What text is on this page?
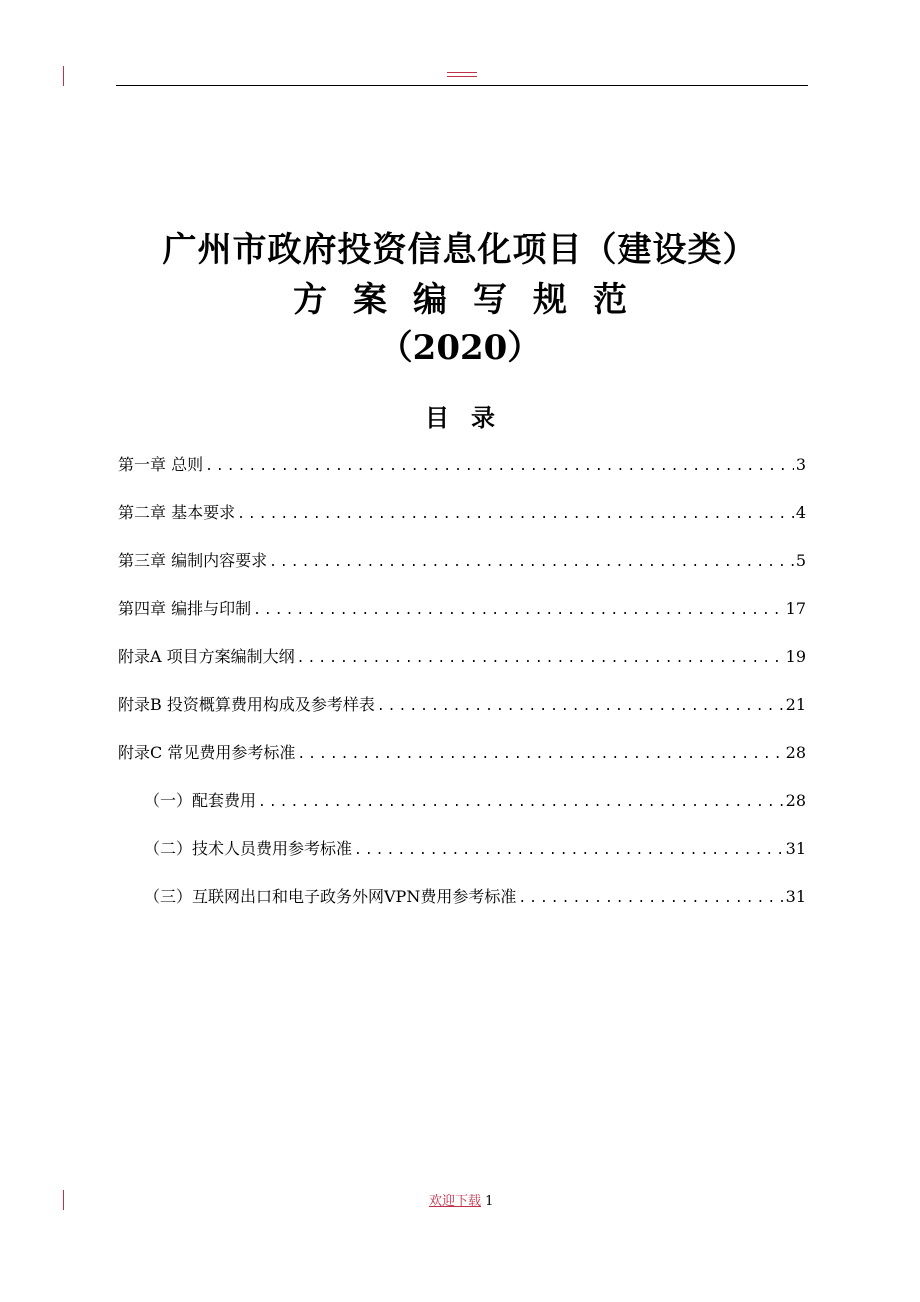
广州市政府投资信息化项目（建设类）
方案编写规范
（2020）
目录
第一章 总则 .....	3
第二章 基本要求 .....	4
第三章 编制内容要求 .....	5
第四章 编排与印制 .....	17
附录A 项目方案编制大纲 .....	19
附录B 投资概算费用构成及参考样表 .....	21
附录C 常见费用参考标准 .....	28
（一）配套费用 .....	28
（二）技术人员费用参考标准 .....	31
（三）互联网出口和电子政务外网VPN费用参考标准 .....	31
欢迎下载 1
